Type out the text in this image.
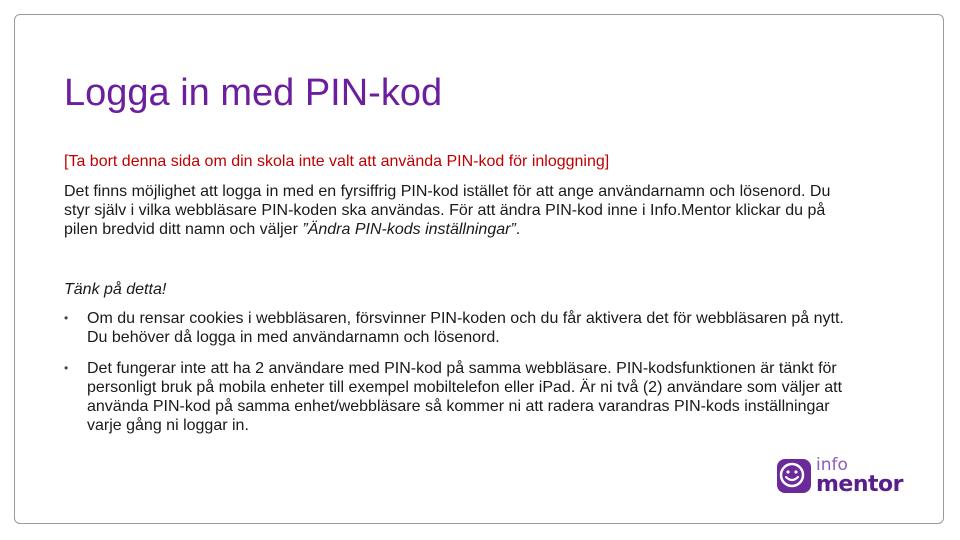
Logga in med PIN-kod

[Ta bort denna sida om din skola inte valt att använda PIN-kod för inloggning]

Det finns möjlighet att logga in med en fyrsiffrig PIN-kod istället för att ange användarnamn och lösenord. Du styr själv i vilka webbläsare PIN-koden ska användas. För att ändra PIN-kod inne i Info.Mentor klickar du på pilen bredvid ditt namn och väljer ”Ändra PIN-kods inställningar”.

Tänk på detta!

• Om du rensar cookies i webbläsaren, försvinner PIN-koden och du får aktivera det för webbläsaren på nytt. Du behöver då logga in med användarnamn och lösenord.
• Det fungerar inte att ha 2 användare med PIN-kod på samma webbläsare. PIN-kodsfunktionen är tänkt för personligt bruk på mobila enheter till exempel mobiltelefon eller iPad. Är ni två (2) användare som väljer att använda PIN-kod på samma enhet/webbläsare så kommer ni att radera varandras PIN-kods inställningar varje gång ni loggar in.
info
mentor
